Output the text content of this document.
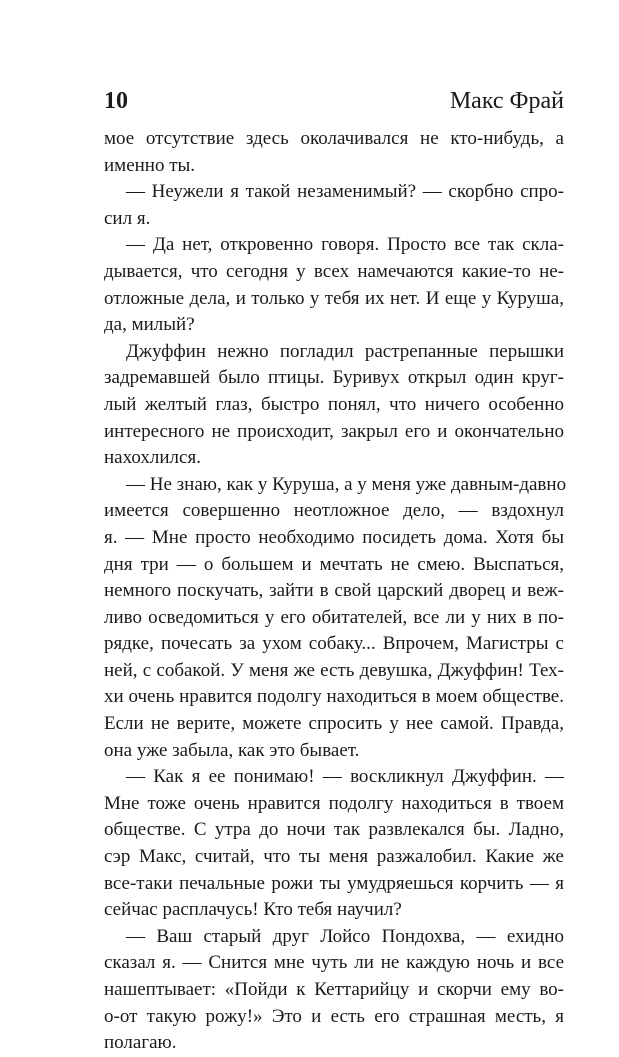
10	Макс Фрай
мое отсутствие здесь околачивался не кто-нибудь, а
именно ты.
— Неужели я такой незаменимый? — скорбно спро-
сил я.
— Да нет, откровенно говоря. Просто все так скла-
дывается, что сегодня у всех намечаются какие-то не-
отложные дела, и только у тебя их нет. И еще у Куруша,
да, милый?
Джуффин нежно погладил растрепанные перышки
задремавшей было птицы. Буривух открыл один круг-
лый желтый глаз, быстро понял, что ничего особенно
интересного не происходит, закрыл его и окончательно
нахохлился.
— Не знаю, как у Куруша, а у меня уже давным-давно
имеется совершенно неотложное дело, — вздохнул
я. — Мне просто необходимо посидеть дома. Хотя бы
дня три — о большем и мечтать не смею. Выспаться,
немного поскучать, зайти в свой царский дворец и веж-
ливо осведомиться у его обитателей, все ли у них в по-
рядке, почесать за ухом собаку... Впрочем, Магистры с
ней, с собакой. У меня же есть девушка, Джуффин! Тех-
хи очень нравится подолгу находиться в моем обществе.
Если не верите, можете спросить у нее самой. Правда,
она уже забыла, как это бывает.
— Как я ее понимаю! — воскликнул Джуффин. —
Мне тоже очень нравится подолгу находиться в твоем
обществе. С утра до ночи так развлекался бы. Ладно,
сэр Макс, считай, что ты меня разжалобил. Какие же
все-таки печальные рожи ты умудряешься корчить — я
сейчас расплачусь! Кто тебя научил?
— Ваш старый друг Лойсо Пондохва, — ехидно
сказал я. — Снится мне чуть ли не каждую ночь и все
нашептывает: «Пойди к Кеттарийцу и скорчи ему во-
о-от такую рожу!» Это и есть его страшная месть, я
полагаю.
